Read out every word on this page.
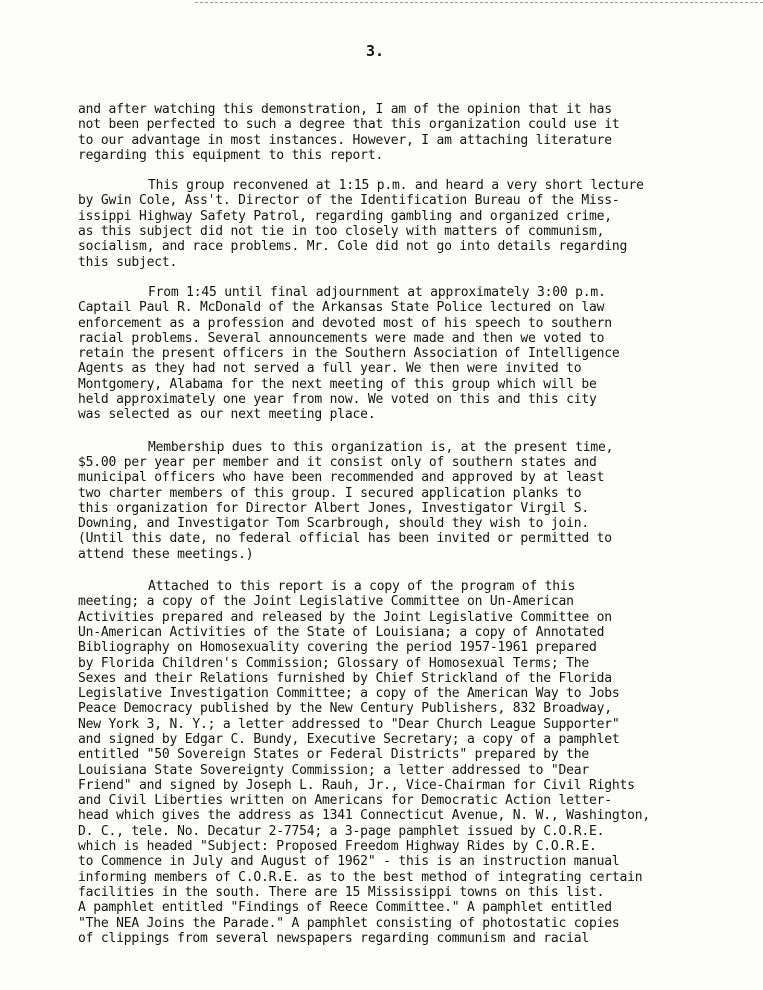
3.

and after watching this demonstration, I am of the opinion that it has
not been perfected to such a degree that this organization could use it
to our advantage in most instances. However, I am attaching literature
regarding this equipment to this report.

This group reconvened at 1:15 p.m. and heard a very short lecture
by Gwin Cole, Ass't. Director of the Identification Bureau of the Miss-
issippi Highway Safety Patrol, regarding gambling and organized crime,
as this subject did not tie in too closely with matters of communism,
socialism, and race problems. Mr. Cole did not go into details regarding
this subject.

From 1:45 until final adjournment at approximately 3:00 p.m.
Captail Paul R. McDonald of the Arkansas State Police lectured on law
enforcement as a profession and devoted most of his speech to southern
racial problems. Several announcements were made and then we voted to
retain the present officers in the Southern Association of Intelligence
Agents as they had not served a full year. We then were invited to
Montgomery, Alabama for the next meeting of this group which will be
held approximately one year from now. We voted on this and this city
was selected as our next meeting place.

Membership dues to this organization is, at the present time,
$5.00 per year per member and it consist only of southern states and
municipal officers who have been recommended and approved by at least
two charter members of this group. I secured application planks to
this organization for Director Albert Jones, Investigator Virgil S.
Downing, and Investigator Tom Scarbrough, should they wish to join.
(Until this date, no federal official has been invited or permitted to
attend these meetings.)

Attached to this report is a copy of the program of this
meeting; a copy of the Joint Legislative Committee on Un-American
Activities prepared and released by the Joint Legislative Committee on
Un-American Activities of the State of Louisiana; a copy of Annotated
Bibliography on Homosexuality covering the period 1957-1961 prepared
by Florida Children's Commission; Glossary of Homosexual Terms; The
Sexes and their Relations furnished by Chief Strickland of the Florida
Legislative Investigation Committee; a copy of the American Way to Jobs
Peace Democracy published by the New Century Publishers, 832 Broadway,
New York 3, N. Y.; a letter addressed to "Dear Church League Supporter"
and signed by Edgar C. Bundy, Executive Secretary; a copy of a pamphlet
entitled "50 Sovereign States or Federal Districts" prepared by the
Louisiana State Sovereignty Commission; a letter addressed to "Dear
Friend" and signed by Joseph L. Rauh, Jr., Vice-Chairman for Civil Rights
and Civil Liberties written on Americans for Democratic Action letter-
head which gives the address as 1341 Connecticut Avenue, N. W., Washington,
D. C., tele. No. Decatur 2-7754; a 3-page pamphlet issued by C.O.R.E.
which is headed "Subject: Proposed Freedom Highway Rides by C.O.R.E.
to Commence in July and August of 1962" - this is an instruction manual
informing members of C.O.R.E. as to the best method of integrating certain
facilities in the south. There are 15 Mississippi towns on this list.
A pamphlet entitled "Findings of Reece Committee." A pamphlet entitled
"The NEA Joins the Parade." A pamphlet consisting of photostatic copies
of clippings from several newspapers regarding communism and racial
